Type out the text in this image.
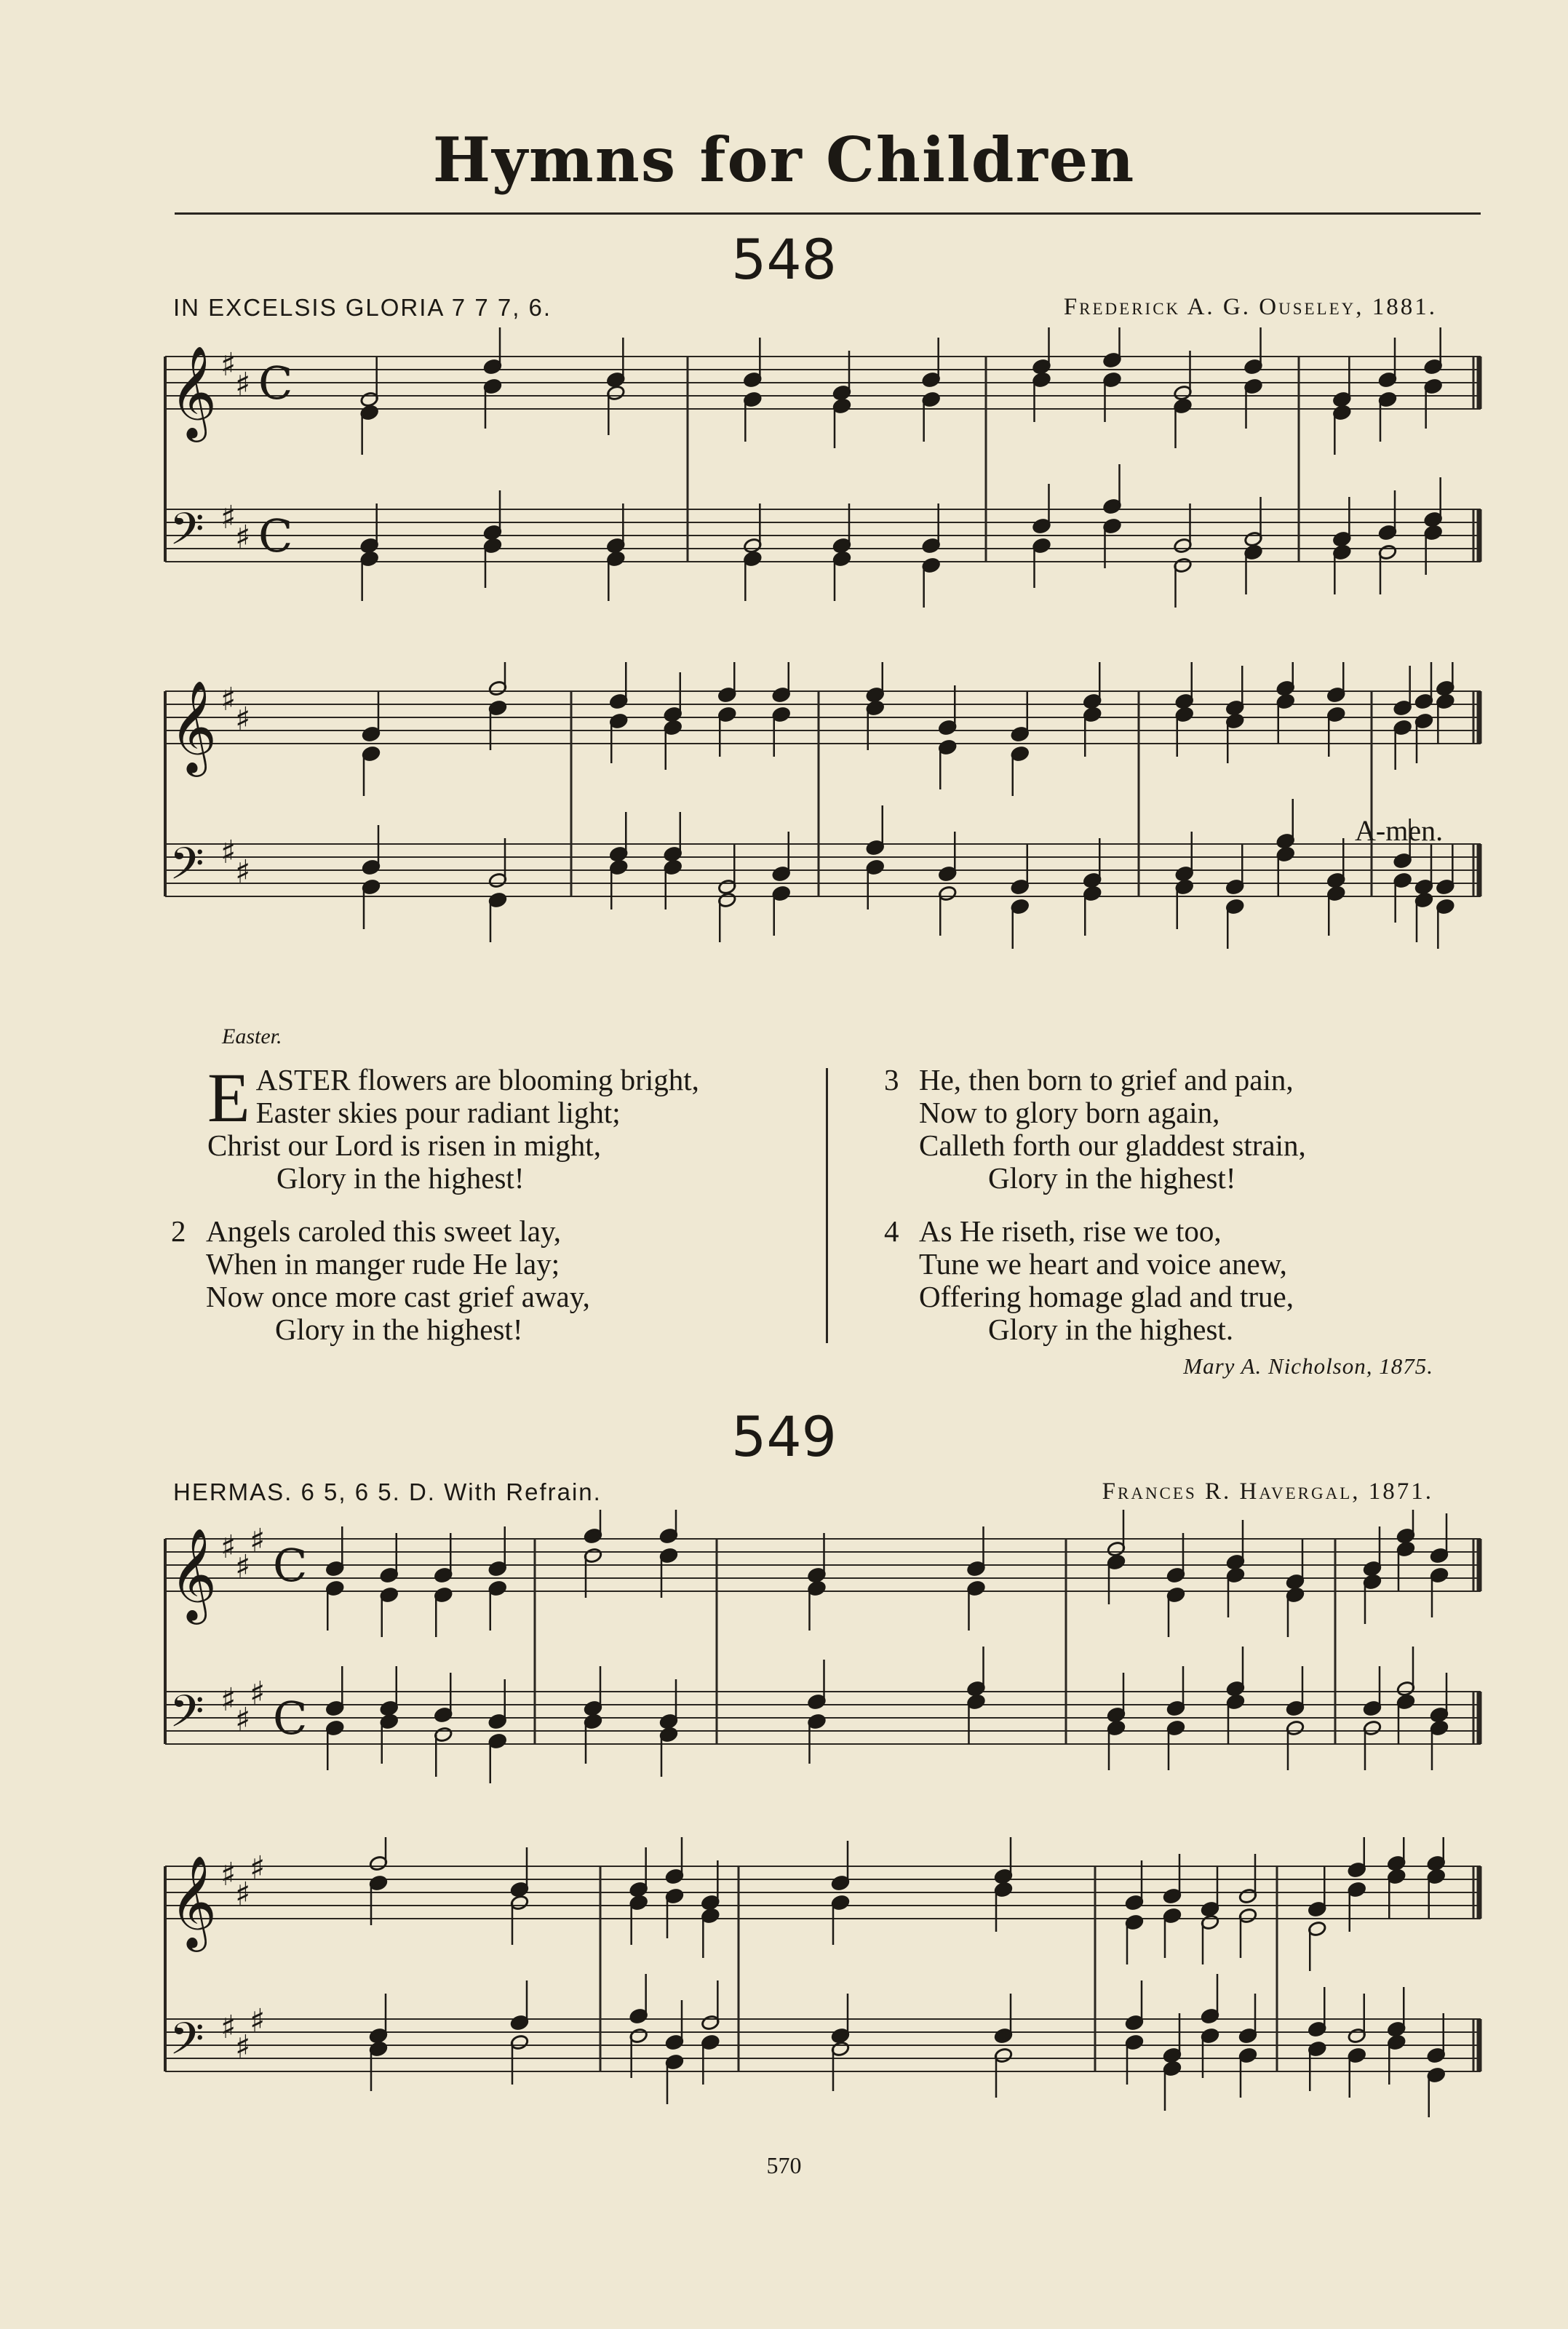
Hymns for Children
548
IN EXCELSIS GLORIA 7 7 7, 6.	Frederick A. G. Ouseley, 1881.
𝄞 ♯
♯ C
𝄢 ♯
♯ C
𝄞 ♯
♯
𝄢 ♯
♯
A-men.
Easter.
E ASTER flowers are blooming bright,
Easter skies pour radiant light;
Christ our Lord is risen in might,
Glory in the highest!
2 Angels caroled this sweet lay,
When in manger rude He lay;
Now once more cast grief away,
Glory in the highest!
3 He, then born to grief and pain,
Now to glory born again,
Calleth forth our gladdest strain,
Glory in the highest!
4 As He riseth, rise we too,
Tune we heart and voice anew,
Offering homage glad and true,
Glory in the highest.
Mary A. Nicholson, 1875.
549
HERMAS. 6 5, 6 5. D. With Refrain.	Frances R. Havergal, 1871.
𝄞 ♯
♯
♯ C
𝄢 ♯
♯
♯ C
𝄞 ♯
♯
♯
𝄢 ♯
♯
♯
570
